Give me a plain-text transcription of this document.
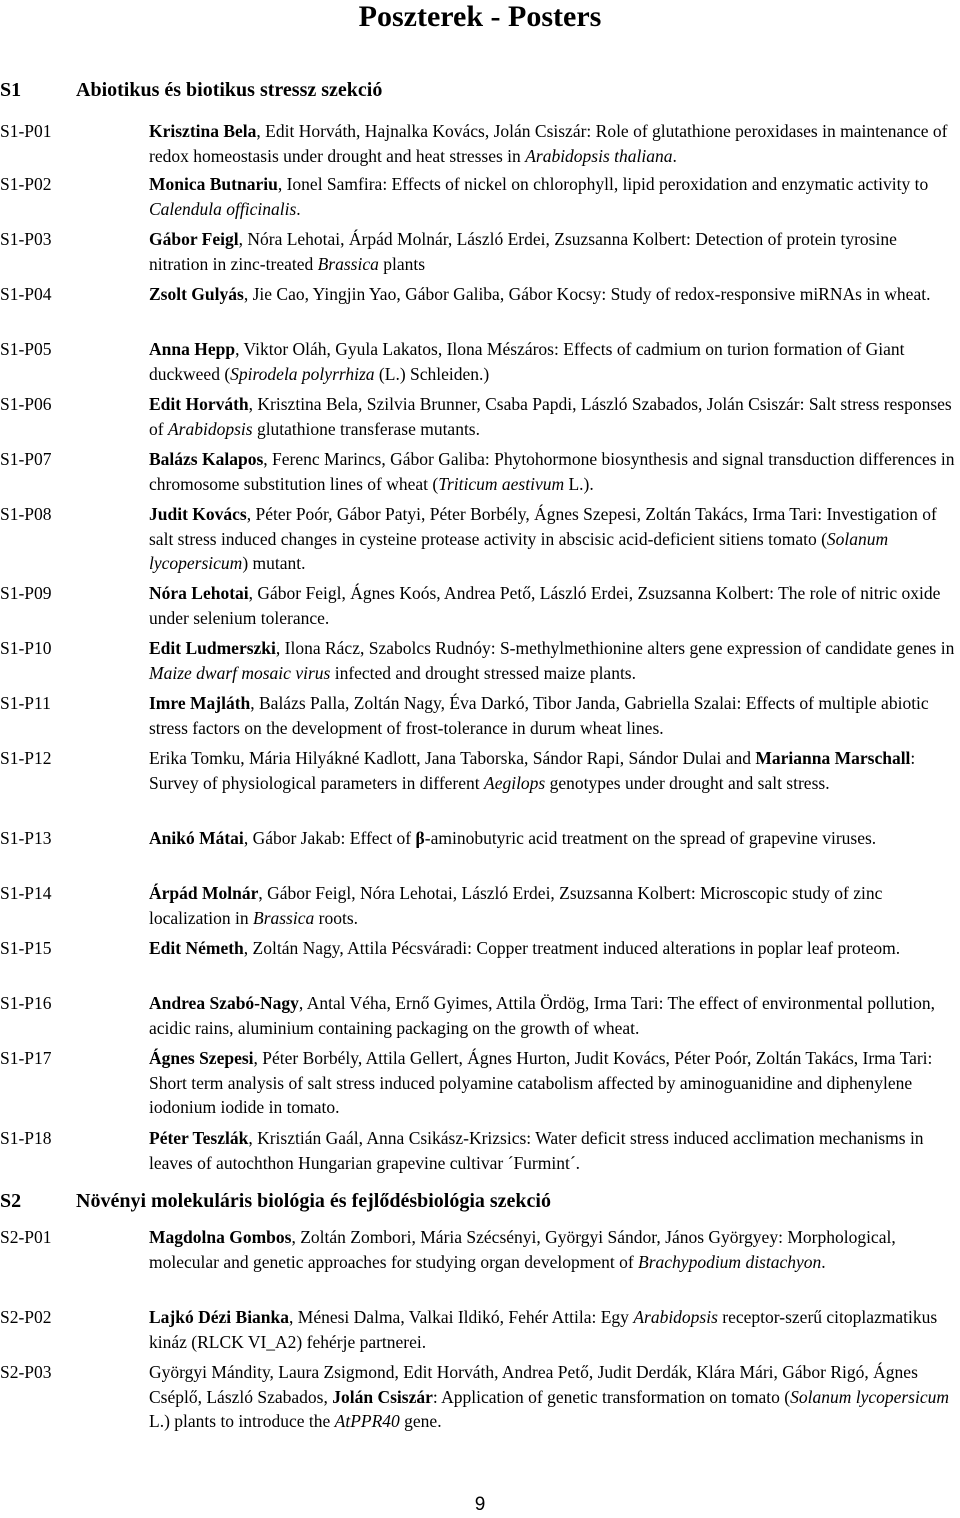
Poszterek - Posters
S1	Abiotikus és biotikus stressz szekció
S1-P01	Krisztina Bela, Edit Horváth, Hajnalka Kovács, Jolán Csiszár: Role of glutathione peroxidases in maintenance of redox homeostasis under drought and heat stresses in Arabidopsis thaliana.
S1-P02	Monica Butnariu, Ionel Samfira: Effects of nickel on chlorophyll, lipid peroxidation and enzymatic activity to Calendula officinalis.
S1-P03	Gábor Feigl, Nóra Lehotai, Árpád Molnár, László Erdei, Zsuzsanna Kolbert: Detection of protein tyrosine nitration in zinc-treated Brassica plants
S1-P04	Zsolt Gulyás, Jie Cao, Yingjin Yao, Gábor Galiba, Gábor Kocsy: Study of redox-responsive miRNAs in wheat.
S1-P05	Anna Hepp, Viktor Oláh, Gyula Lakatos, Ilona Mészáros: Effects of cadmium on turion formation of Giant duckweed (Spirodela polyrrhiza (L.) Schleiden.)
S1-P06	Edit Horváth, Krisztina Bela, Szilvia Brunner, Csaba Papdi, László Szabados, Jolán Csiszár: Salt stress responses of Arabidopsis glutathione transferase mutants.
S1-P07	Balázs Kalapos, Ferenc Marincs, Gábor Galiba: Phytohormone biosynthesis and signal transduction differences in chromosome substitution lines of wheat (Triticum aestivum L.).
S1-P08	Judit Kovács, Péter Poór, Gábor Patyi, Péter Borbély, Ágnes Szepesi, Zoltán Takács, Irma Tari: Investigation of salt stress induced changes in cysteine protease activity in abscisic acid-deficient sitiens tomato (Solanum lycopersicum) mutant.
S1-P09	Nóra Lehotai, Gábor Feigl, Ágnes Koós, Andrea Pető, László Erdei, Zsuzsanna Kolbert: The role of nitric oxide under selenium tolerance.
S1-P10	Edit Ludmerszki, Ilona Rácz, Szabolcs Rudnóy: S-methylmethionine alters gene expression of candidate genes in Maize dwarf mosaic virus infected and drought stressed maize plants.
S1-P11	Imre Majláth, Balázs Palla, Zoltán Nagy, Éva Darkó, Tibor Janda, Gabriella Szalai: Effects of multiple abiotic stress factors on the development of frost-tolerance in durum wheat lines.
S1-P12	Erika Tomku, Mária Hilyákné Kadlott, Jana Taborska, Sándor Rapi, Sándor Dulai and Marianna Marschall: Survey of physiological parameters in different Aegilops genotypes under drought and salt stress.
S1-P13	Anikó Mátai, Gábor Jakab: Effect of β-aminobutyric acid treatment on the spread of grapevine viruses.
S1-P14	Árpád Molnár, Gábor Feigl, Nóra Lehotai, László Erdei, Zsuzsanna Kolbert: Microscopic study of zinc localization in Brassica roots.
S1-P15	Edit Németh, Zoltán Nagy, Attila Pécsváradi: Copper treatment induced alterations in poplar leaf proteom.
S1-P16	Andrea Szabó-Nagy, Antal Véha, Ernő Gyimes, Attila Ördög, Irma Tari: The effect of environmental pollution, acidic rains, aluminium containing packaging on the growth of wheat.
S1-P17	Ágnes Szepesi, Péter Borbély, Attila Gellert, Ágnes Hurton, Judit Kovács, Péter Poór, Zoltán Takács, Irma Tari: Short term analysis of salt stress induced polyamine catabolism affected by aminoguanidine and diphenylene iodonium iodide in tomato.
S1-P18	Péter Teszlák, Krisztián Gaál, Anna Csikász-Krizsics: Water deficit stress induced acclimation mechanisms in leaves of autochthon Hungarian grapevine cultivar ˊFurmintˊ.
S2	Növényi molekuláris biológia és fejlődésbiológia szekció
S2-P01	Magdolna Gombos, Zoltán Zombori, Mária Szécsényi, Györgyi Sándor, János Györgyey: Morphological, molecular and genetic approaches for studying organ development of Brachypodium distachyon.
S2-P02	Lajkó Dézi Bianka, Ménesi Dalma, Valkai Ildikó, Fehér Attila: Egy Arabidopsis receptor-szerű citoplazmatikus kináz (RLCK VI_A2) fehérje partnerei.
S2-P03	Györgyi Mándity, Laura Zsigmond, Edit Horváth, Andrea Pető, Judit Derdák, Klára Mári, Gábor Rigó, Ágnes Cséplő, László Szabados, Jolán Csiszár: Application of genetic transformation on tomato (Solanum lycopersicum L.) plants to introduce the AtPPR40 gene.
9
